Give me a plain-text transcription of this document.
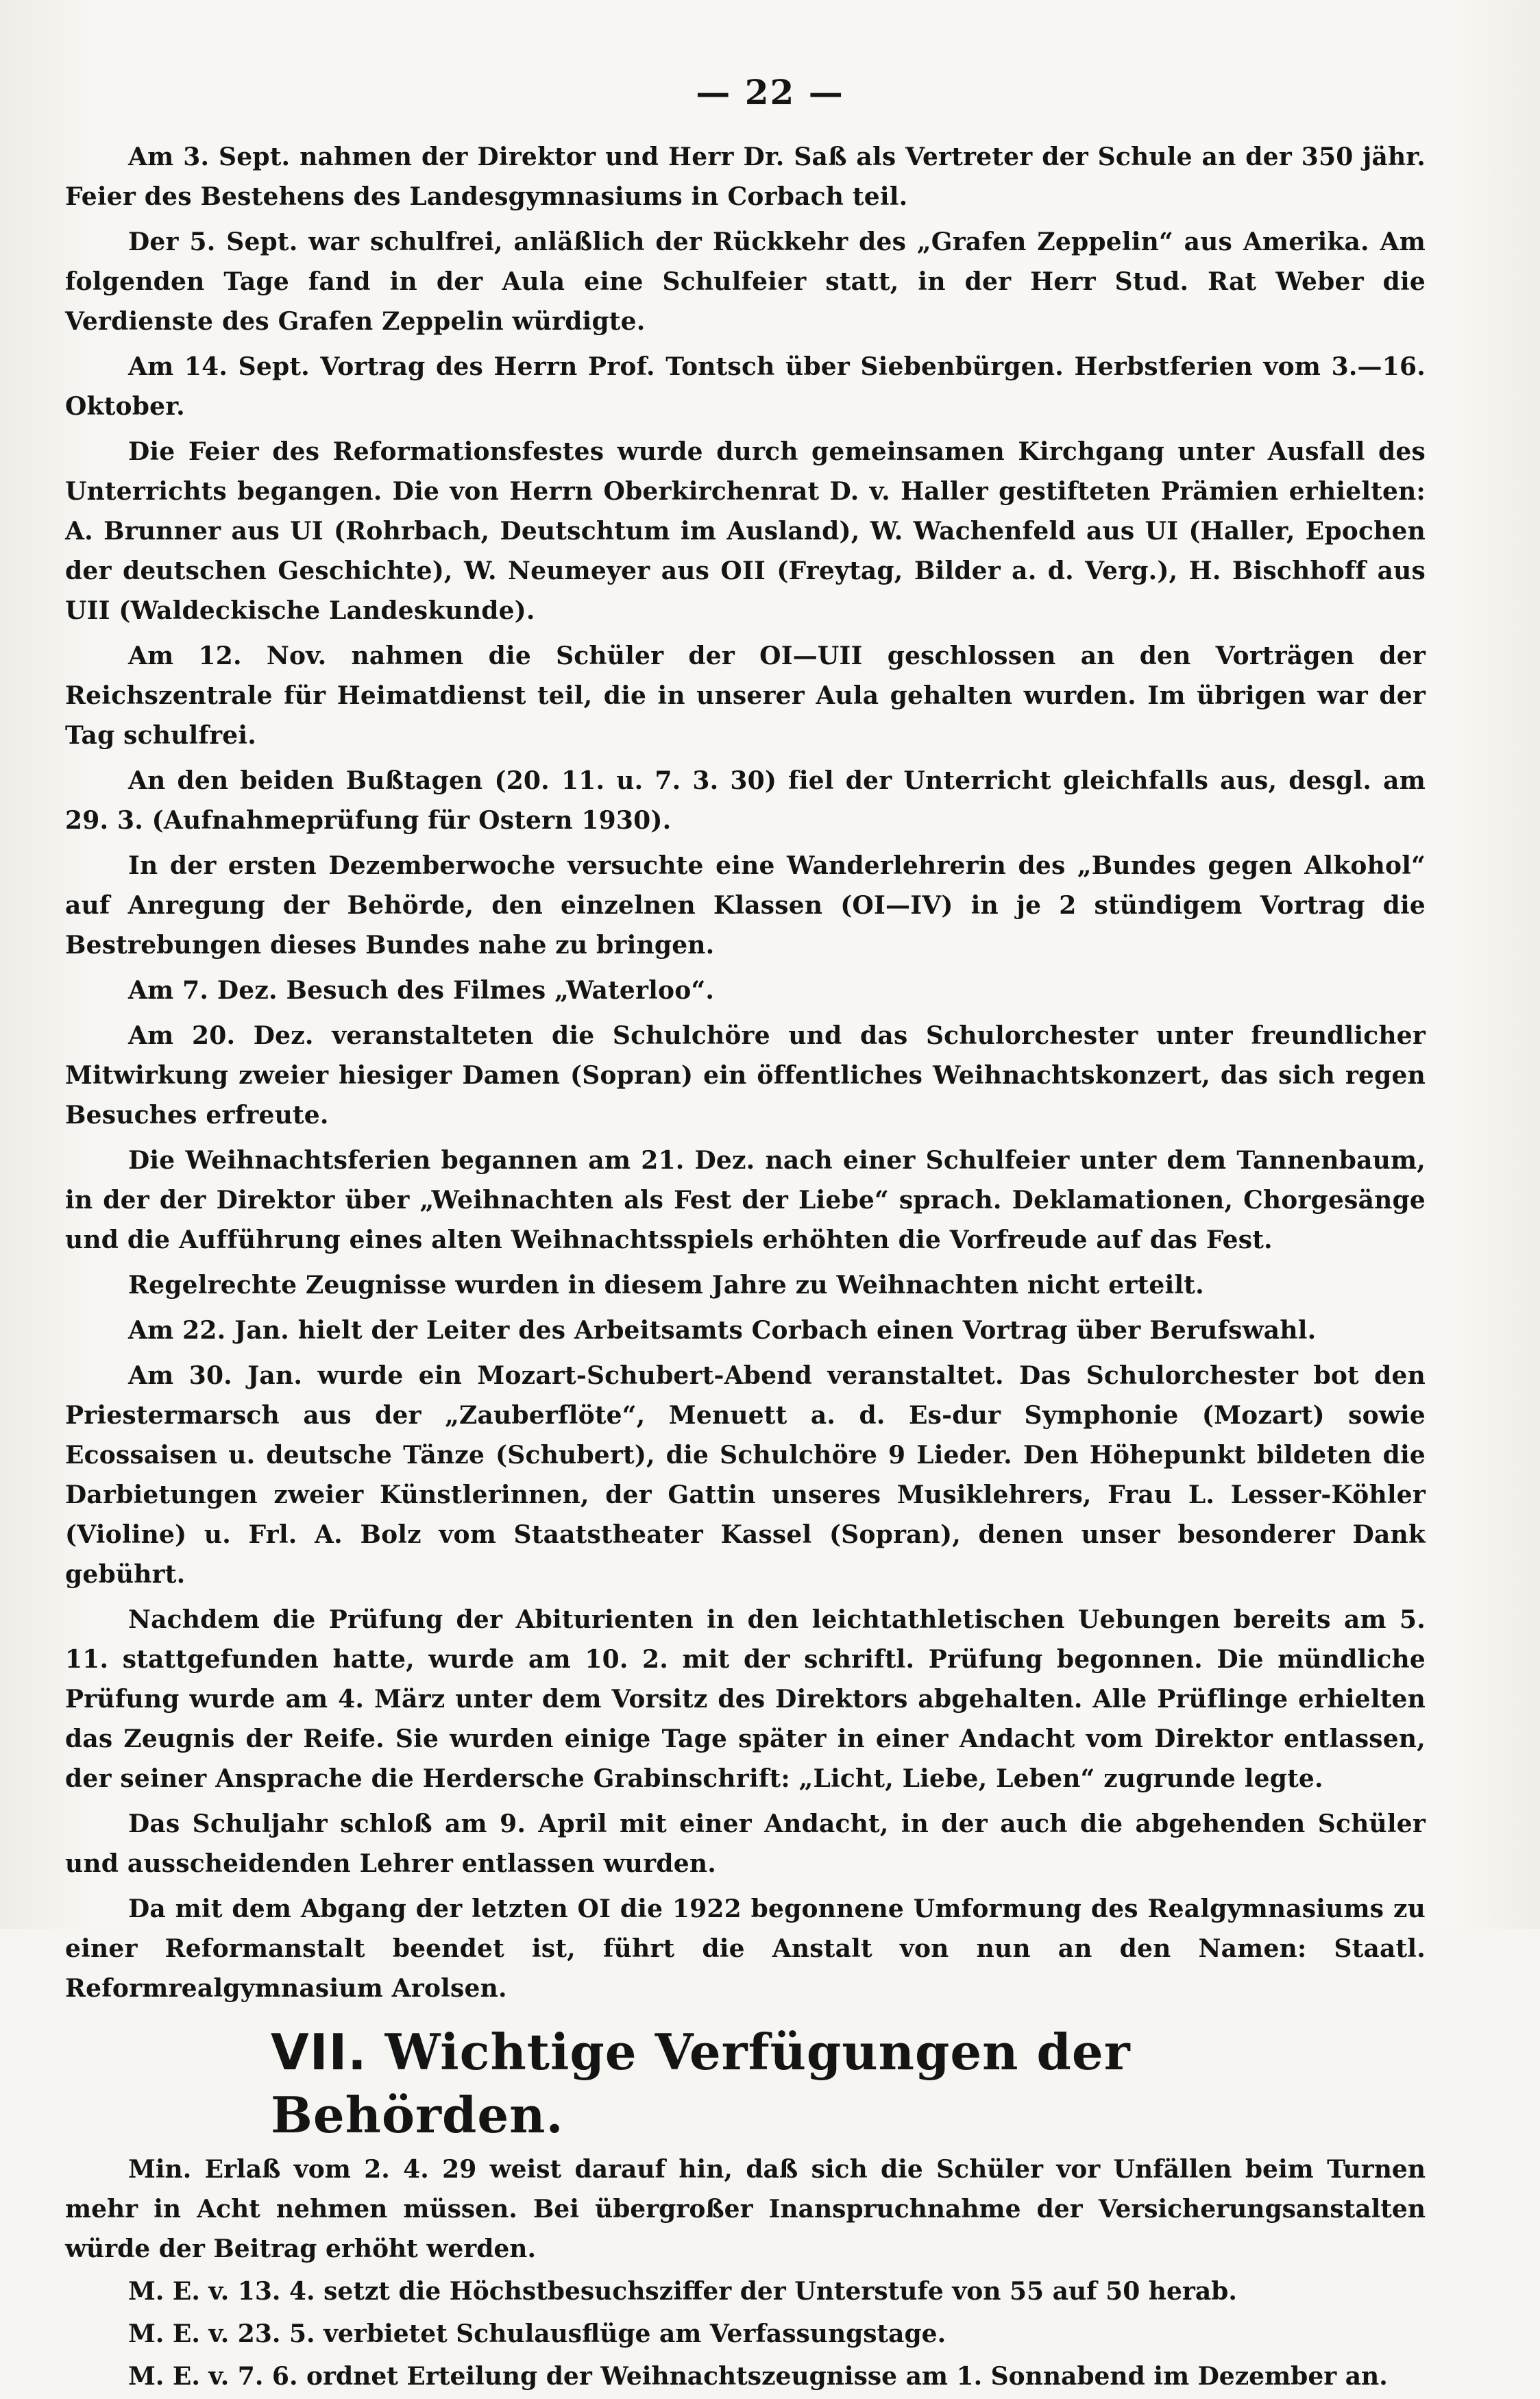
— 22 —

Am 3. Sept. nahmen der Direktor und Herr Dr. Saß als Vertreter der Schule an der 350 jähr. Feier des Bestehens des Landesgymnasiums in Corbach teil.

Der 5. Sept. war schulfrei, anläßlich der Rückkehr des „Grafen Zeppelin“ aus Amerika. Am folgenden Tage fand in der Aula eine Schulfeier statt, in der Herr Stud. Rat Weber die Verdienste des Grafen Zeppelin würdigte.

Am 14. Sept. Vortrag des Herrn Prof. Tontsch über Siebenbürgen. Herbstferien vom 3.—16. Oktober.

Die Feier des Reformationsfestes wurde durch gemeinsamen Kirchgang unter Ausfall des Unterrichts begangen. Die von Herrn Oberkirchenrat D. v. Haller gestifteten Prämien erhielten: A. Brunner aus UI (Rohrbach, Deutschtum im Ausland), W. Wachenfeld aus UI (Haller, Epochen der deutschen Geschichte), W. Neumeyer aus OII (Freytag, Bilder a. d. Verg.), H. Bischhoff aus UII (Waldeckische Landeskunde).

Am 12. Nov. nahmen die Schüler der OI—UII geschlossen an den Vorträgen der Reichszentrale für Heimatdienst teil, die in unserer Aula gehalten wurden. Im übrigen war der Tag schulfrei.

An den beiden Bußtagen (20. 11. u. 7. 3. 30) fiel der Unterricht gleichfalls aus, desgl. am 29. 3. (Aufnahmeprüfung für Ostern 1930).

In der ersten Dezemberwoche versuchte eine Wanderlehrerin des „Bundes gegen Alkohol“ auf Anregung der Behörde, den einzelnen Klassen (OI—IV) in je 2 stündigem Vortrag die Bestrebungen dieses Bundes nahe zu bringen.

Am 7. Dez. Besuch des Filmes „Waterloo“.

Am 20. Dez. veranstalteten die Schulchöre und das Schulorchester unter freundlicher Mitwirkung zweier hiesiger Damen (Sopran) ein öffentliches Weihnachtskonzert, das sich regen Besuches erfreute.

Die Weihnachtsferien begannen am 21. Dez. nach einer Schulfeier unter dem Tannenbaum, in der der Direktor über „Weihnachten als Fest der Liebe“ sprach. Deklamationen, Chorgesänge und die Aufführung eines alten Weihnachtsspiels erhöhten die Vorfreude auf das Fest.

Regelrechte Zeugnisse wurden in diesem Jahre zu Weihnachten nicht erteilt.

Am 22. Jan. hielt der Leiter des Arbeitsamts Corbach einen Vortrag über Berufswahl.

Am 30. Jan. wurde ein Mozart-Schubert-Abend veranstaltet. Das Schulorchester bot den Priestermarsch aus der „Zauberflöte“, Menuett a. d. Es-dur Symphonie (Mozart) sowie Ecossaisen u. deutsche Tänze (Schubert), die Schulchöre 9 Lieder. Den Höhepunkt bildeten die Darbietungen zweier Künstlerinnen, der Gattin unseres Musiklehrers, Frau L. Lesser-Köhler (Violine) u. Frl. A. Bolz vom Staatstheater Kassel (Sopran), denen unser besonderer Dank gebührt.

Nachdem die Prüfung der Abiturienten in den leichtathletischen Uebungen bereits am 5. 11. stattgefunden hatte, wurde am 10. 2. mit der schriftl. Prüfung begonnen. Die mündliche Prüfung wurde am 4. März unter dem Vorsitz des Direktors abgehalten. Alle Prüflinge erhielten das Zeugnis der Reife. Sie wurden einige Tage später in einer Andacht vom Direktor entlassen, der seiner Ansprache die Herdersche Grabinschrift: „Licht, Liebe, Leben“ zugrunde legte.

Das Schuljahr schloß am 9. April mit einer Andacht, in der auch die abgehenden Schüler und ausscheidenden Lehrer entlassen wurden.

Da mit dem Abgang der letzten OI die 1922 begonnene Umformung des Realgymnasiums zu einer Reformanstalt beendet ist, führt die Anstalt von nun an den Namen: Staatl. Reformrealgymnasium Arolsen.

VII. Wichtige Verfügungen der Behörden.

Min. Erlaß vom 2. 4. 29 weist darauf hin, daß sich die Schüler vor Unfällen beim Turnen mehr in Acht nehmen müssen. Bei übergroßer Inanspruchnahme der Versicherungsanstalten würde der Beitrag erhöht werden.

M. E. v. 13. 4. setzt die Höchstbesuchsziffer der Unterstufe von 55 auf 50 herab.

M. E. v. 23. 5. verbietet Schulausflüge am Verfassungstage.

M. E. v. 7. 6. ordnet Erteilung der Weihnachtszeugnisse am 1. Sonnabend im Dezember an.
